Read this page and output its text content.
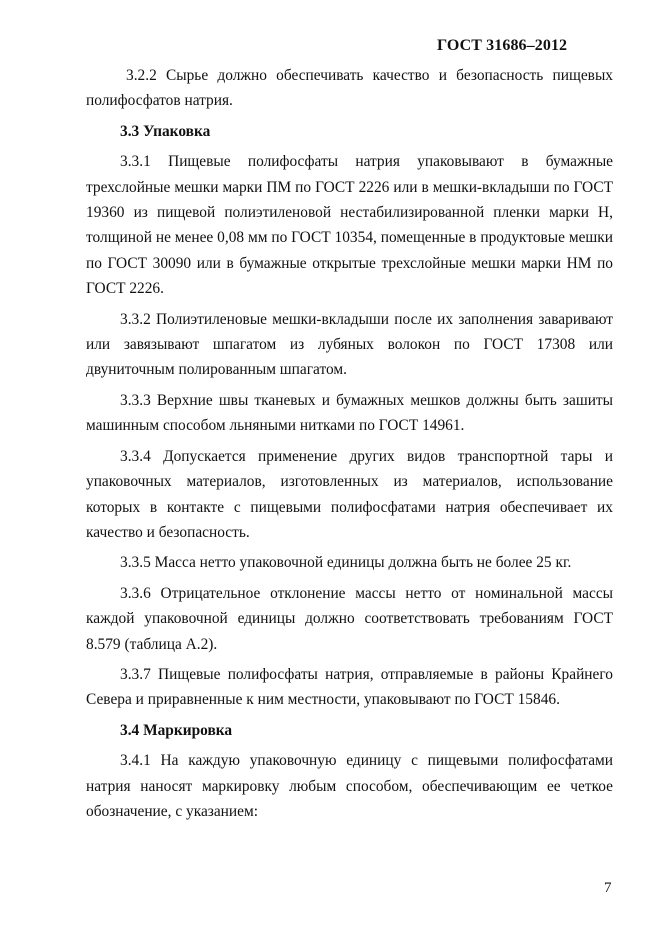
ГОСТ 31686–2012

3.2.2 Сырье должно обеспечивать качество и безопасность пищевых полифосфатов натрия.

3.3 Упаковка

3.3.1 Пищевые полифосфаты натрия упаковывают в бумажные трехслойные мешки марки ПМ по ГОСТ 2226 или в мешки-вкладыши по ГОСТ 19360 из пищевой полиэтиленовой нестабилизированной пленки марки Н, толщиной не менее 0,08 мм по ГОСТ 10354, помещенные в продуктовые мешки по ГОСТ 30090 или в бумажные открытые трехслойные мешки марки НМ по ГОСТ 2226.

3.3.2 Полиэтиленовые мешки-вкладыши после их заполнения заваривают или завязывают шпагатом из лубяных волокон по ГОСТ 17308 или двуниточным полированным шпагатом.

3.3.3 Верхние швы тканевых и бумажных мешков должны быть зашиты машинным способом льняными нитками по ГОСТ 14961.

3.3.4 Допускается применение других видов транспортной тары и упаковочных материалов, изготовленных из материалов, использование которых в контакте с пищевыми полифосфатами натрия обеспечивает их качество и безопасность.

3.3.5 Масса нетто упаковочной единицы должна быть не более 25 кг.

3.3.6 Отрицательное отклонение массы нетто от номинальной массы каждой упаковочной единицы должно соответствовать требованиям ГОСТ 8.579 (таблица А.2).

3.3.7 Пищевые полифосфаты натрия, отправляемые в районы Крайнего Севера и приравненные к ним местности, упаковывают по ГОСТ 15846.

3.4 Маркировка

3.4.1 На каждую упаковочную единицу с пищевыми полифосфатами натрия наносят маркировку любым способом, обеспечивающим ее четкое обозначение, с указанием:

7
